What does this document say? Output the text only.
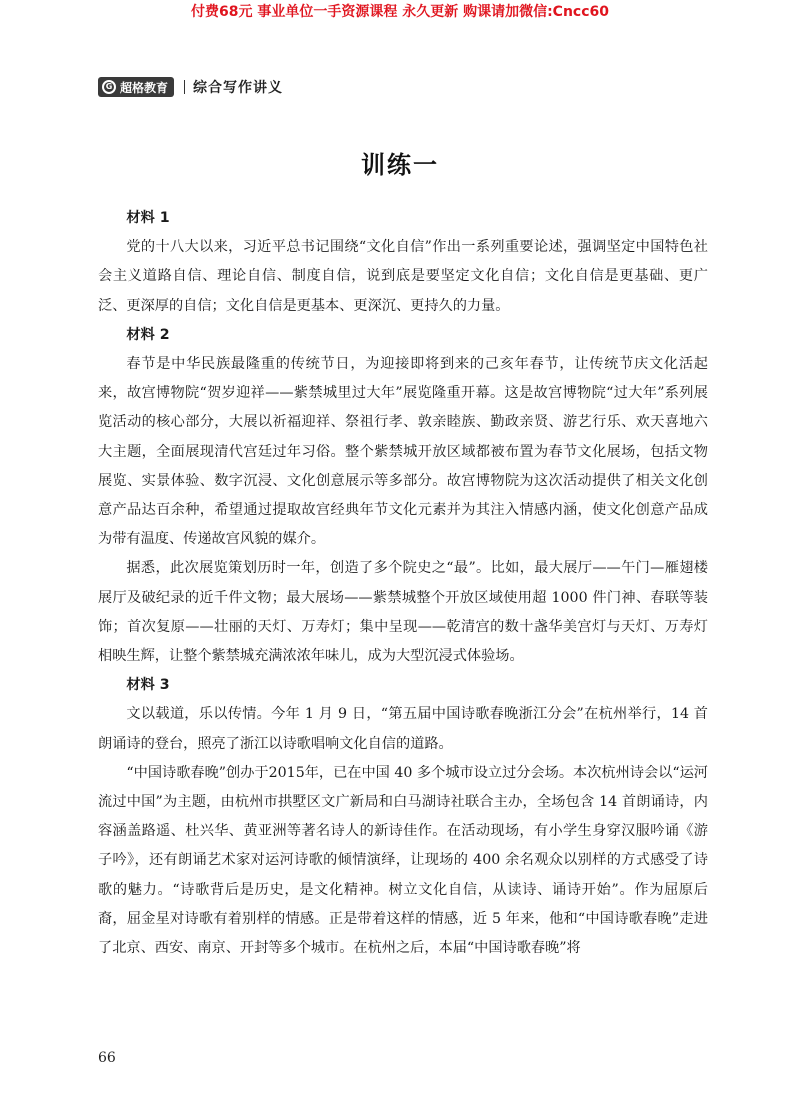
付费68元 事业单位一手资源课程 永久更新 购课请加微信:Cncc60
G 超格教育 综合写作讲义
训练一

材料 1

党的十八大以来，习近平总书记围绕“文化自信”作出一系列重要论述，强调坚定中国特色社会主义道路自信、理论自信、制度自信，说到底是要坚定文化自信；文化自信是更基础、更广泛、更深厚的自信；文化自信是更基本、更深沉、更持久的力量。

材料 2

春节是中华民族最隆重的传统节日，为迎接即将到来的己亥年春节，让传统节庆文化活起来，故宫博物院“贺岁迎祥——紫禁城里过大年”展览隆重开幕。这是故宫博物院“过大年”系列展览活动的核心部分，大展以祈福迎祥、祭祖行孝、敦亲睦族、勤政亲贤、游艺行乐、欢天喜地六大主题，全面展现清代宫廷过年习俗。整个紫禁城开放区域都被布置为春节文化展场，包括文物展览、实景体验、数字沉浸、文化创意展示等多部分。故宫博物院为这次活动提供了相关文化创意产品达百余种，希望通过提取故宫经典年节文化元素并为其注入情感内涵，使文化创意产品成为带有温度、传递故宫风貌的媒介。

据悉，此次展览策划历时一年，创造了多个院史之“最”。比如，最大展厅——午门—雁翅楼展厅及破纪录的近千件文物；最大展场——紫禁城整个开放区域使用超 1000 件门神、春联等装饰；首次复原——壮丽的天灯、万寿灯；集中呈现——乾清宫的数十盏华美宫灯与天灯、万寿灯相映生辉，让整个紫禁城充满浓浓年味儿，成为大型沉浸式体验场。

材料 3

文以载道，乐以传情。今年 1 月 9 日，“第五届中国诗歌春晚浙江分会”在杭州举行，14 首朗诵诗的登台，照亮了浙江以诗歌唱响文化自信的道路。

“中国诗歌春晚”创办于2015年，已在中国 40 多个城市设立过分会场。本次杭州诗会以“运河流过中国”为主题，由杭州市拱墅区文广新局和白马湖诗社联合主办，全场包含 14 首朗诵诗，内容涵盖路遥、杜兴华、黄亚洲等著名诗人的新诗佳作。在活动现场，有小学生身穿汉服吟诵《游子吟》，还有朗诵艺术家对运河诗歌的倾情演绎，让现场的 400 余名观众以别样的方式感受了诗歌的魅力。“诗歌背后是历史，是文化精神。树立文化自信，从读诗、诵诗开始”。作为屈原后裔，屈金星对诗歌有着别样的情感。正是带着这样的情感，近 5 年来，他和“中国诗歌春晚”走进了北京、西安、南京、开封等多个城市。在杭州之后，本届“中国诗歌春晚”将

66
